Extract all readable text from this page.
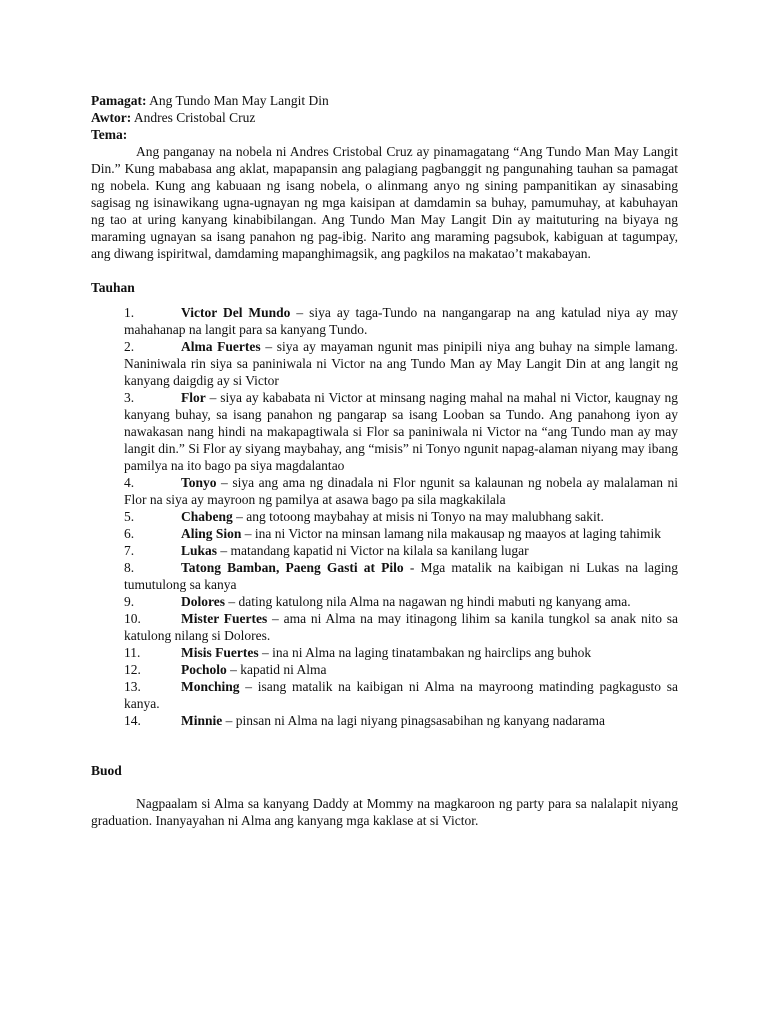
Pamagat: Ang Tundo Man May Langit Din

Awtor: Andres Cristobal Cruz

Tema:

Ang panganay na nobela ni Andres Cristobal Cruz ay pinamagatang “Ang Tundo Man May Langit Din.” Kung mababasa ang aklat, mapapansin ang palagiang pagbanggit ng pangunahing tauhan sa pamagat ng nobela. Kung ang kabuaan ng isang nobela, o alinmang anyo ng sining pampanitikan ay sinasabing sagisag ng isinawikang ugna-ugnayan ng mga kaisipan at damdamin sa buhay, pamumuhay, at kabuhayan ng tao at uring kanyang kinabibilangan. Ang Tundo Man May Langit Din ay maituturing na biyaya ng maraming ugnayan sa isang panahon ng pag-ibig. Narito ang maraming pagsubok, kabiguan at tagumpay, ang diwang ispiritwal, damdaming mapanghimagsik, ang pagkilos na makatao’t makabayan.

Tauhan

1.	Victor Del Mundo – siya ay taga-Tundo na nangangarap na ang katulad niya ay may mahahanap na langit para sa kanyang Tundo.

2.	Alma Fuertes – siya ay mayaman ngunit mas pinipili niya ang buhay na simple lamang. Naniniwala rin siya sa paniniwala ni Victor na ang Tundo Man ay May Langit Din at ang langit ng kanyang daigdig ay si Victor

3.	Flor – siya ay kababata ni Victor at minsang naging mahal na mahal ni Victor, kaugnay ng kanyang buhay, sa isang panahon ng pangarap sa isang Looban sa Tundo. Ang panahong iyon ay nawakasan nang hindi na makapagtiwala si Flor sa paniniwala ni Victor na “ang Tundo man ay may langit din.” Si Flor ay siyang maybahay, ang “misis” ni Tonyo ngunit napag-alaman niyang may ibang pamilya na ito bago pa siya magdalantao

4.	Tonyo – siya ang ama ng dinadala ni Flor ngunit sa kalaunan ng nobela ay malalaman ni Flor na siya ay mayroon ng pamilya at asawa bago pa sila magkakilala

5.	Chabeng – ang totoong maybahay at misis ni Tonyo na may malubhang sakit.

6.	Aling Sion – ina ni Victor na minsan lamang nila makausap ng maayos at laging tahimik

7.	Lukas – matandang kapatid ni Victor na kilala sa kanilang lugar

8.	Tatong Bamban, Paeng Gasti at Pilo - Mga matalik na kaibigan ni Lukas na laging tumutulong sa kanya

9.	Dolores – dating katulong nila Alma na nagawan ng hindi mabuti ng kanyang ama.

10.	Mister Fuertes – ama ni Alma na may itinagong lihim sa kanila tungkol sa anak nito sa katulong nilang si Dolores.

11.	Misis Fuertes – ina ni Alma na laging tinatambakan ng hairclips ang buhok

12.	Pocholo – kapatid ni Alma

13.	Monching – isang matalik na kaibigan ni Alma na mayroong matinding pagkagusto sa kanya.

14.	Minnie – pinsan ni Alma na lagi niyang pinagsasabihan ng kanyang nadarama

Buod

Nagpaalam si Alma sa kanyang Daddy at Mommy na magkaroon ng party para sa nalalapit niyang graduation. Inanyayahan ni Alma ang kanyang mga kaklase at si Victor.
